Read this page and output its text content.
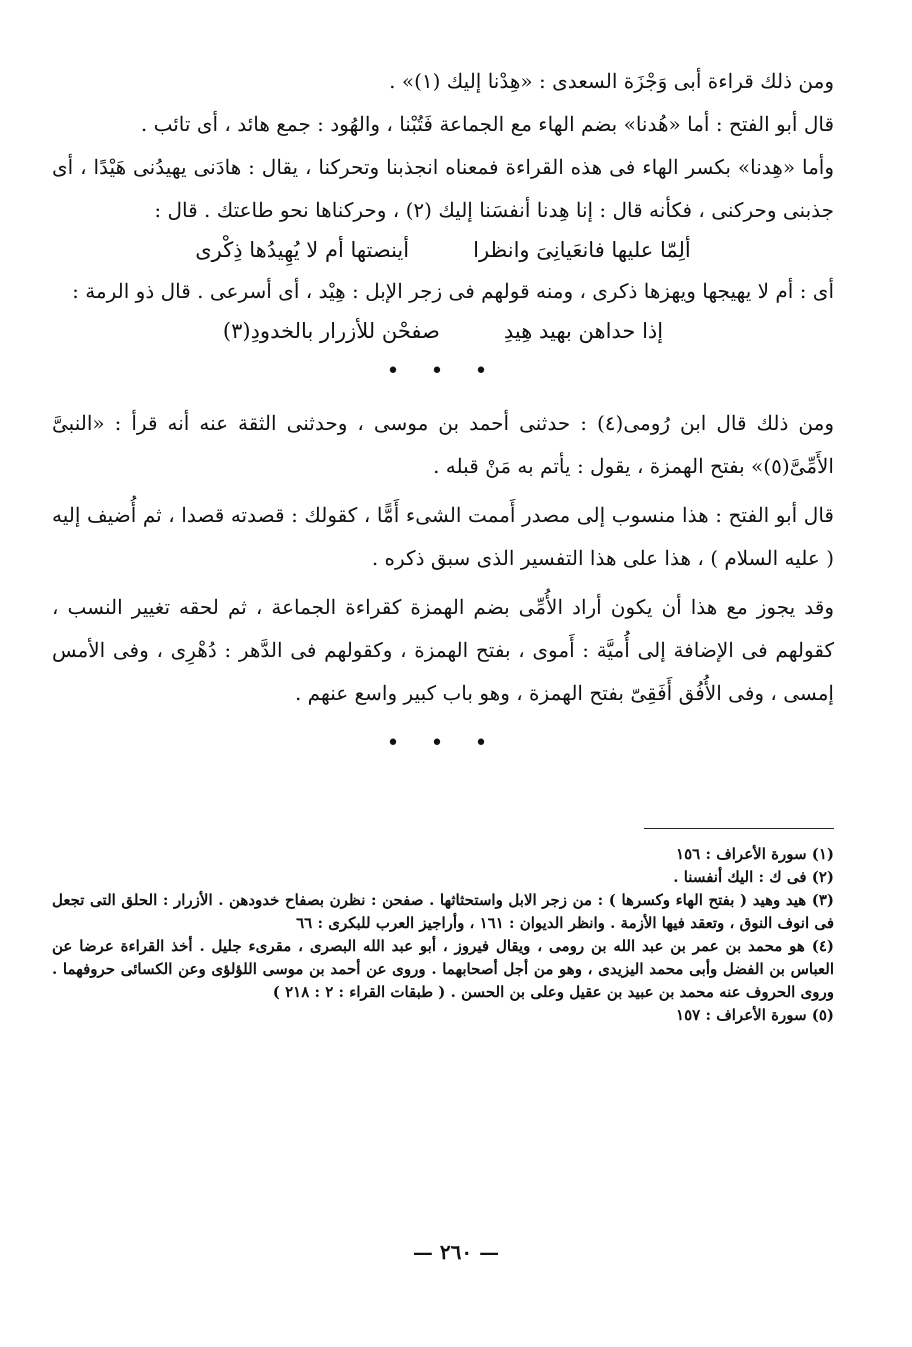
ومن ذلك قراءة أبى وَجْزَة السعدى : «هِدْنا إليك (١)» .

قال أبو الفتح : أما «هُدنا» بضم الهاء مع الجماعة فَتُبْنا ، والهُود : جمع هائد ، أى تائب .

وأما «هِدنا» بكسر الهاء فى هذه القراءة فمعناه انجذبنا وتحركنا ، يقال : هادَنى يهيدُنى هَيْدًا ، أى جذبنى وحركنى ، فكأنه قال : إنا هِدنا أنفسَنا إليك (٢) ، وحركناها نحو طاعتك . قال :

ألِمّا عليها فانعَيانِىَ وانظرا
أينصتها أم لا يُهِيدُها ذِكْرى

أى : أم لا يهيجها ويهزها ذكرى ، ومنه قولهم فى زجر الإبل : هِيْد ، أى أسرعى . قال ذو الرمة :

إذا حداهن بهيد هِيدِ
صفحْن للأزرار بالخدودِ(٣)
• • •

ومن ذلك قال ابن رُومى(٤) : حدثنى أحمد بن موسى ، وحدثنى الثقة عنه أنه قرأ : «النبىَّ الأَمِّىَّ(٥)» بفتح الهمزة ، يقول : يأتم به مَنْ قبله .

قال أبو الفتح : هذا منسوب إلى مصدر أَممت الشىء أَمًّا ، كقولك : قصدته قصدا ، ثم أُضيف إليه ( عليه السلام ) ، هذا على هذا التفسير الذى سبق ذكره .

وقد يجوز مع هذا أن يكون أراد الأُمِّى بضم الهمزة كقراءة الجماعة ، ثم لحقه تغيير النسب ، كقولهم فى الإضافة إلى أُميَّة : أَموى ، بفتح الهمزة ، وكقولهم فى الدَّهر : دُهْرِى ، وفى الأمس إمسى ، وفى الأُفُق أَفَقِىّ بفتح الهمزة ، وهو باب كبير واسع عنهم .

• • •

(١) سورة الأعراف : ١٥٦

(٢) فى ك : اليك أنفسنا .

(٣) هيد وهيد ( بفتح الهاء وكسرها ) : من زجر الابل واستحثاثها . صفحن : نظرن بصفاح خدودهن . الأزرار : الحلق التى تجعل فى انوف النوق ، وتعقد فيها الأزمة . وانظر الديوان : ١٦١ ، وأراجيز العرب للبكرى : ٦٦

(٤) هو محمد بن عمر بن عبد الله بن رومى ، ويقال فيروز ، أبو عبد الله البصرى ، مقرىء جليل . أخذ القراءة عرضا عن العباس بن الفضل وأبى محمد اليزيدى ، وهو من أجل أصحابهما . وروى عن أحمد بن موسى اللؤلؤى وعن الكسائى حروفهما . وروى الحروف عنه محمد بن عبيد بن عقيل وعلى بن الحسن . ( طبقات القراء : ٢ : ٢١٨ )

(٥) سورة الأعراف : ١٥٧

— ٢٦٠ —
